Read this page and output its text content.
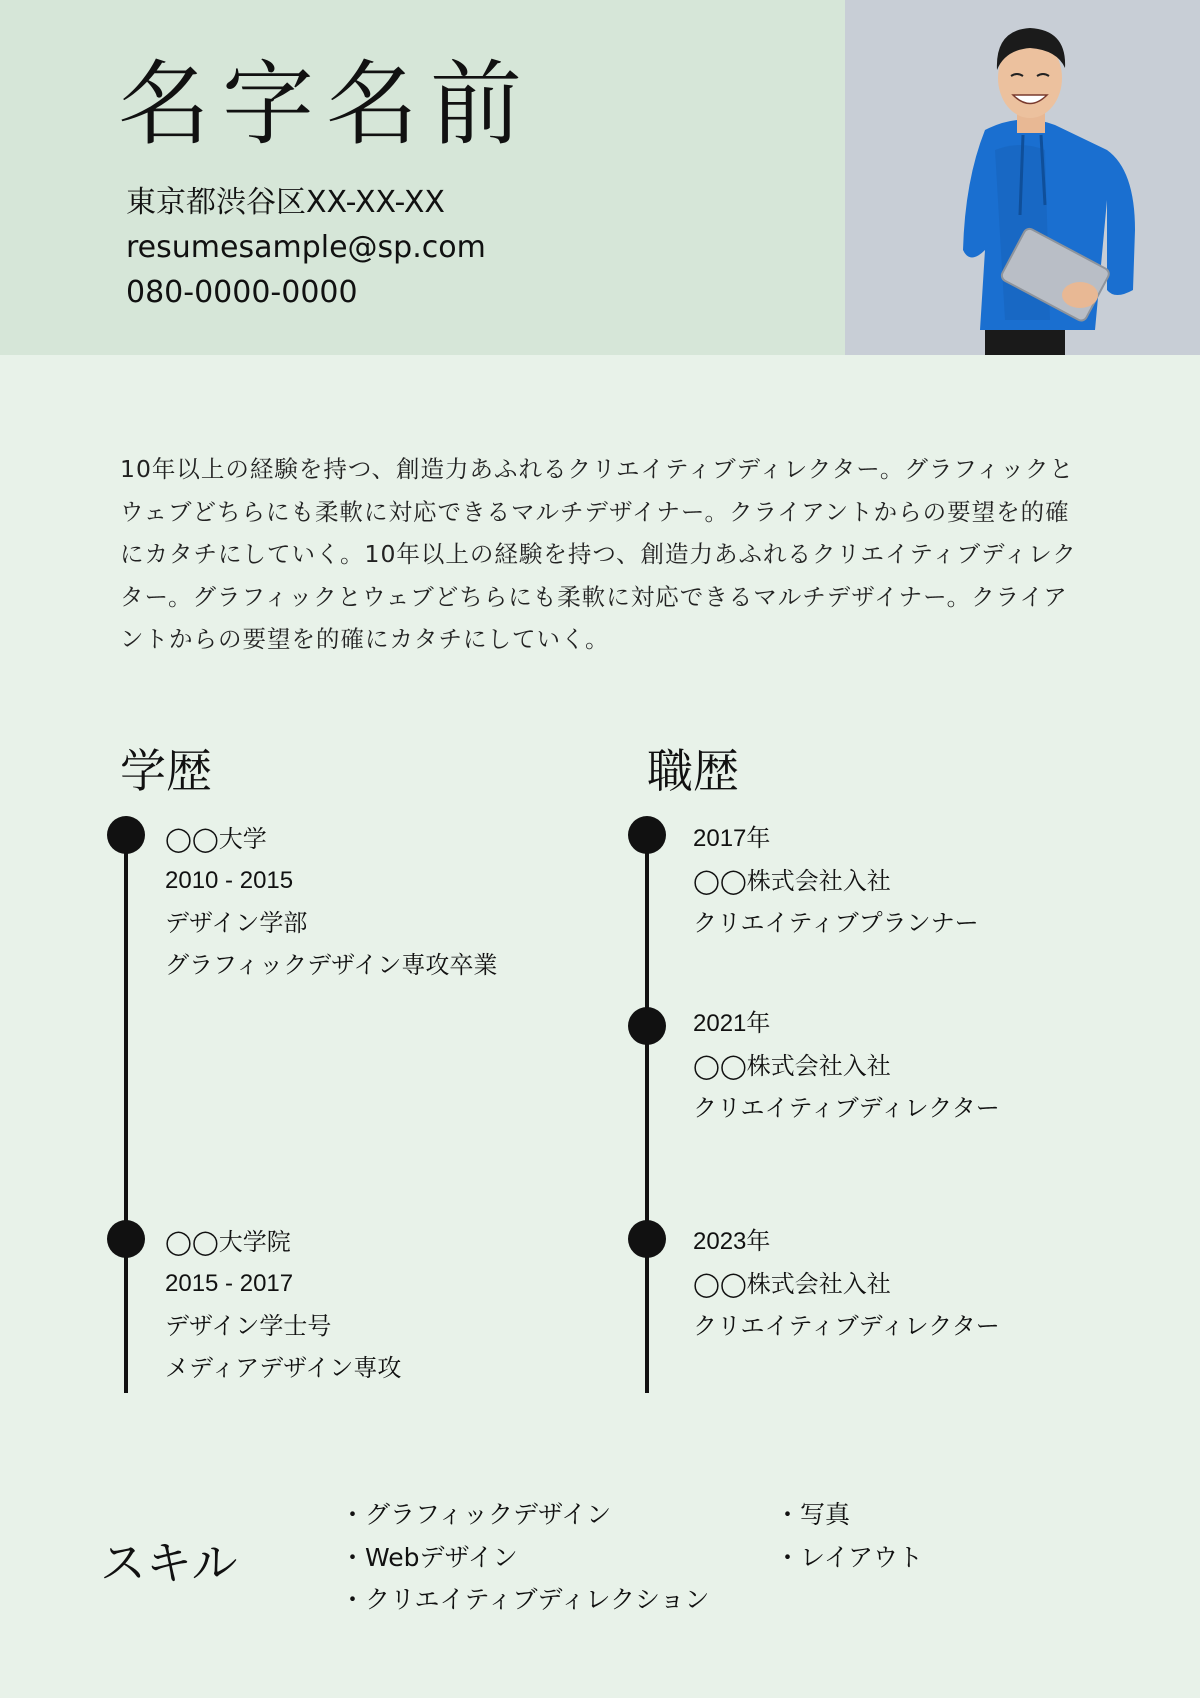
名字名前
東京都渋谷区XX-XX-XX
resumesample@sp.com
080-0000-0000

10年以上の経験を持つ、創造力あふれるクリエイティブディレクター。グラフィックとウェブどちらにも柔軟に対応できるマルチデザイナー。クライアントからの要望を的確にカタチにしていく。10年以上の経験を持つ、創造力あふれるクリエイティブディレクター。グラフィックとウェブどちらにも柔軟に対応できるマルチデザイナー。クライアントからの要望を的確にカタチにしていく。

学歴
◯◯大学
2010 - 2015
デザイン学部
グラフィックデザイン専攻卒業
◯◯大学院
2015 - 2017
デザイン学士号
メディアデザイン専攻
職歴
2017年
◯◯株式会社入社
クリエイティブプランナー
2021年
◯◯株式会社入社
クリエイティブディレクター
2023年
◯◯株式会社入社
クリエイティブディレクター
スキル
・グラフィックデザイン
・Webデザイン
・クリエイティブディレクション
・写真
・レイアウト
